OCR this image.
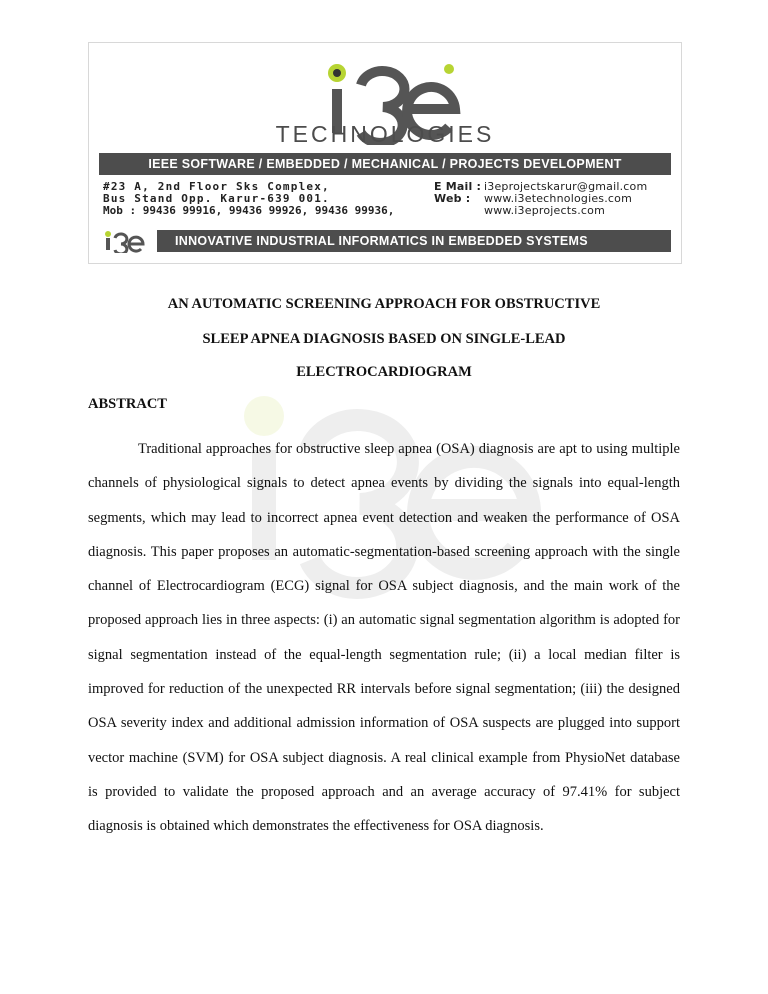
TECHNOLOGIES
IEEE SOFTWARE / EMBEDDED / MECHANICAL / PROJECTS DEVELOPMENT
#23 A, 2nd Floor Sks Complex,
Bus Stand Opp. Karur-639 001.
Mob : 99436 99916, 99436 99926, 99436 99936,
E Mail : i3eprojectskarur@gmail.com
Web :	www.i3etechnologies.com
www.i3eprojects.com
INNOVATIVE INDUSTRIAL INFORMATICS IN EMBEDDED SYSTEMS
AN AUTOMATIC SCREENING APPROACH FOR OBSTRUCTIVE
SLEEP APNEA DIAGNOSIS BASED ON SINGLE-LEAD
ELECTROCARDIOGRAM
ABSTRACT

Traditional approaches for obstructive sleep apnea (OSA) diagnosis are apt to using multiple channels of physiological signals to detect apnea events by dividing the signals into equal-length segments, which may lead to incorrect apnea event detection and weaken the performance of OSA diagnosis. This paper proposes an automatic-segmentation-based screening approach with the single channel of Electrocardiogram (ECG) signal for OSA subject diagnosis, and the main work of the proposed approach lies in three aspects: (i) an automatic signal segmentation algorithm is adopted for signal segmentation instead of the equal-length segmentation rule; (ii) a local median filter is improved for reduction of the unexpected RR intervals before signal segmentation; (iii) the designed OSA severity index and additional admission information of OSA suspects are plugged into support vector machine (SVM) for OSA subject diagnosis. A real clinical example from PhysioNet database is provided to validate the proposed approach and an average accuracy of 97.41% for subject diagnosis is obtained which demonstrates the effectiveness for OSA diagnosis.
